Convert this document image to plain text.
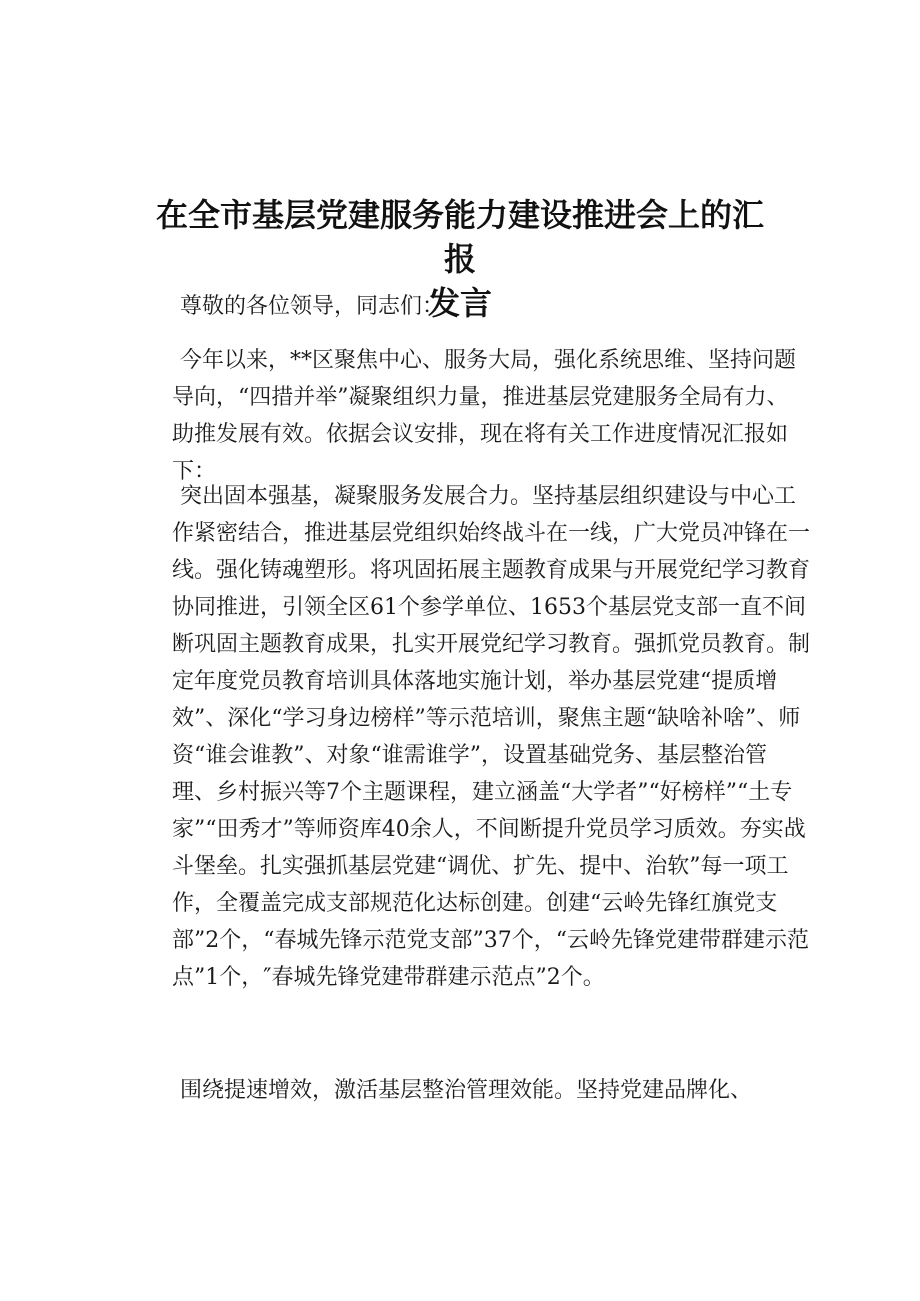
在全市基层党建服务能力建设推进会上的汇报
发言

尊敬的各位领导，同志们：

今年以来，**区聚焦中心、服务大局，强化系统思维、坚持问题导向，“四措并举”凝聚组织力量，推进基层党建服务全局有力、助推发展有效。依据会议安排，现在将有关工作进度情况汇报如下：

突出固本强基，凝聚服务发展合力。坚持基层组织建设与中心工作紧密结合，推进基层党组织始终战斗在一线，广大党员冲锋在一线。强化铸魂塑形。将巩固拓展主题教育成果与开展党纪学习教育协同推进，引领全区61个参学单位、1653个基层党支部一直不间断巩固主题教育成果，扎实开展党纪学习教育。强抓党员教育。制定年度党员教育培训具体落地实施计划，举办基层党建“提质增效”、深化“学习身边榜样”等示范培训，聚焦主题“缺啥补啥”、师资“谁会谁教”、对象“谁需谁学”，设置基础党务、基层整治管理、乡村振兴等7个主题课程，建立涵盖“大学者”“好榜样”“土专家”“田秀才”等师资库40余人，不间断提升党员学习质效。夯实战斗堡垒。扎实强抓基层党建“调优、扩先、提中、治软”每一项工作，全覆盖完成支部规范化达标创建。创建“云岭先锋红旗党支部”2个，“春城先锋示范党支部”37个，“云岭先锋党建带群建示范点”1个，″春城先锋党建带群建示范点”2个。

围绕提速增效，激活基层整治管理效能。坚持党建品牌化、
